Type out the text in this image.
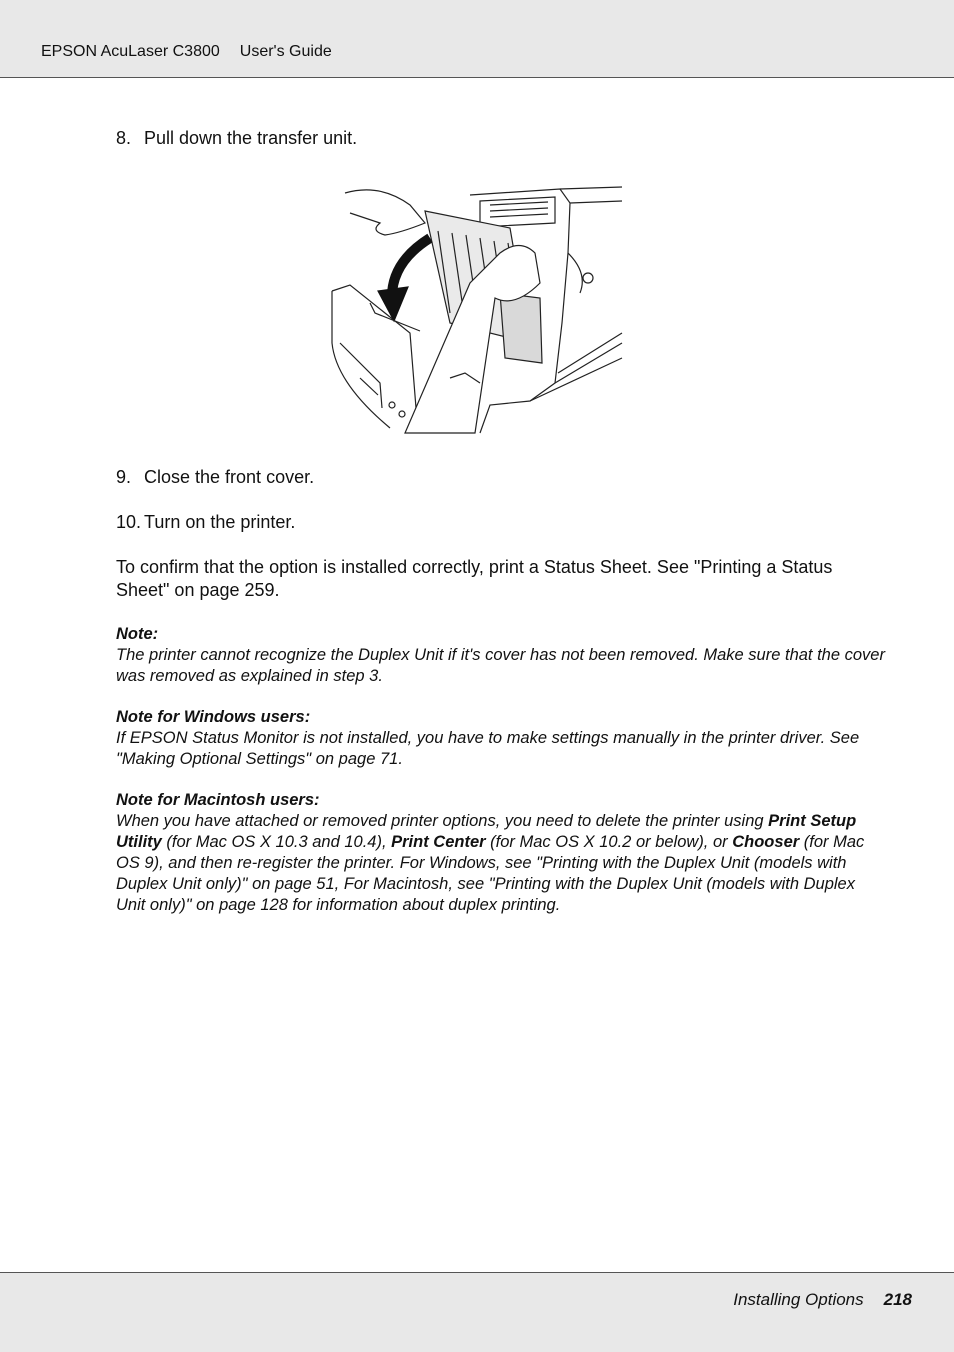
EPSON AcuLaser C3800 User's Guide
8. Pull down the transfer unit.
9. Close the front cover.
10. Turn on the printer.
To confirm that the option is installed correctly, print a Status Sheet. See "Printing a Status Sheet" on page 259.
Note:
The printer cannot recognize the Duplex Unit if it's cover has not been removed. Make sure that the cover was removed as explained in step 3.
Note for Windows users:
If EPSON Status Monitor is not installed, you have to make settings manually in the printer driver. See "Making Optional Settings" on page 71.
Note for Macintosh users:
When you have attached or removed printer options, you need to delete the printer using Print Setup Utility (for Mac OS X 10.3 and 10.4), Print Center (for Mac OS X 10.2 or below), or Chooser (for Mac OS 9), and then re-register the printer. For Windows, see "Printing with the Duplex Unit (models with Duplex Unit only)" on page 51, For Macintosh, see "Printing with the Duplex Unit (models with Duplex Unit only)" on page 128 for information about duplex printing.
Installing Options 218
